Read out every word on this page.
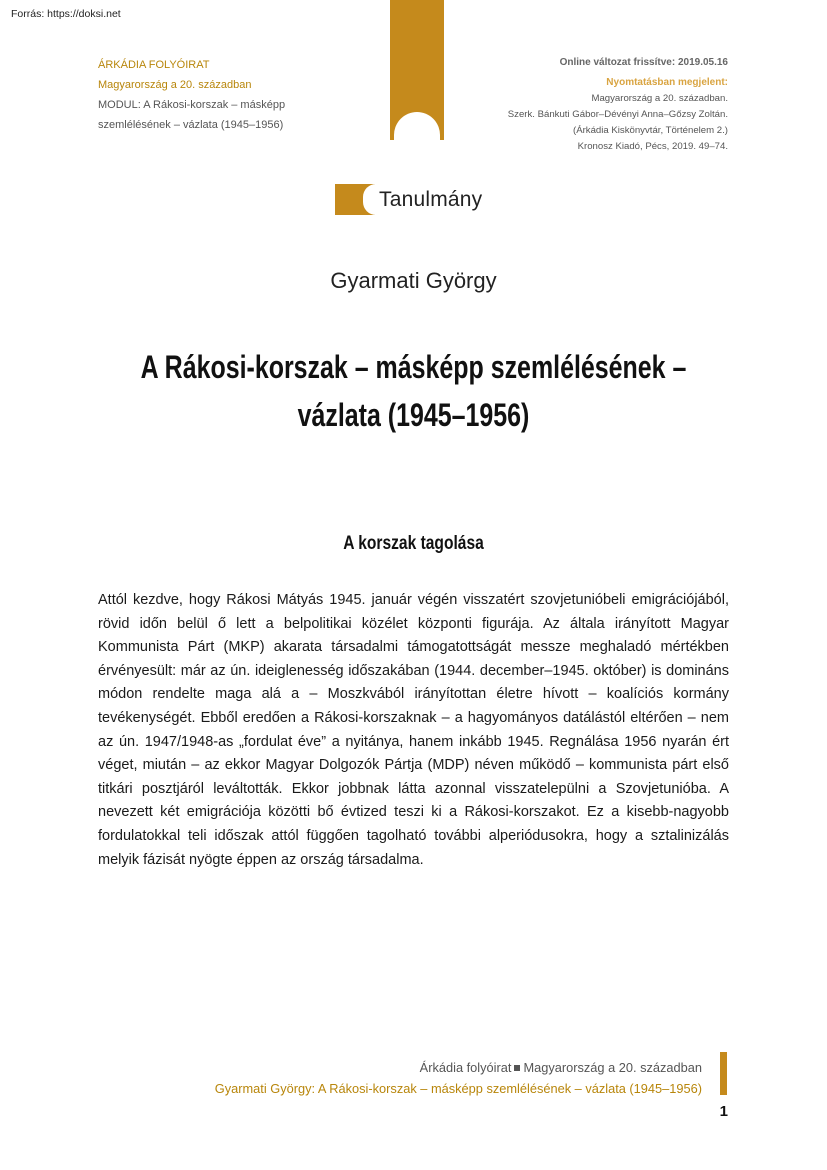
Forrás: https://doksi.net
ÁRKÁDIA FOLYÓIRAT
Magyarország a 20. században
MODUL: A Rákosi-korszak – másképp
szemlélésének – vázlata (1945–1956)
Online változat frissítve: 2019.05.16
Nyomtatásban megjelent:
Magyarország a 20. században.
Szerk. Bánkuti Gábor–Dévényi Anna–Gőzsy Zoltán.
(Árkádia Kiskönyvtár, Történelem 2.)
Kronosz Kiadó, Pécs, 2019. 49–74.
Tanulmány
Gyarmati György
A Rákosi-korszak – másképp szemlélésének –
vázlata (1945–1956)
A korszak tagolása
Attól kezdve, hogy Rákosi Mátyás 1945. január végén visszatért szovjetunióbeli emigrációjából, rövid időn belül ő lett a belpolitikai közélet központi figurája. Az általa irányított Magyar Kommunista Párt (MKP) akarata társadalmi támogatottságát messze meghaladó mértékben érvényesült: már az ún. ideiglenesség időszakában (1944. december–1945. október) is domináns módon rendelte maga alá a – Moszkvából irányítottan életre hívott – koalíciós kormány tevékenységét. Ebből eredően a Rákosi-korszaknak – a hagyományos datálástól eltérően – nem az ún. 1947/1948-as „fordulat éve” a nyitánya, hanem inkább 1945. Regnálása 1956 nyarán ért véget, miután – az ekkor Magyar Dolgozók Pártja (MDP) néven működő – kommunista párt első titkári posztjáról leváltották. Ekkor jobbnak látta azonnal visszatelepülni a Szovjetunióba. A nevezett két emigrációja közötti bő évtized teszi ki a Rákosi-korszakot. Ez a kisebb-nagyobb fordulatokkal teli időszak attól függően tagolható további alperiódusokra, hogy a sztalinizálás melyik fázisát nyögte éppen az ország társadalma.
Árkádia folyóirat Magyarország a 20. században
Gyarmati György: A Rákosi-korszak – másképp szemlélésének – vázlata (1945–1956)
1
